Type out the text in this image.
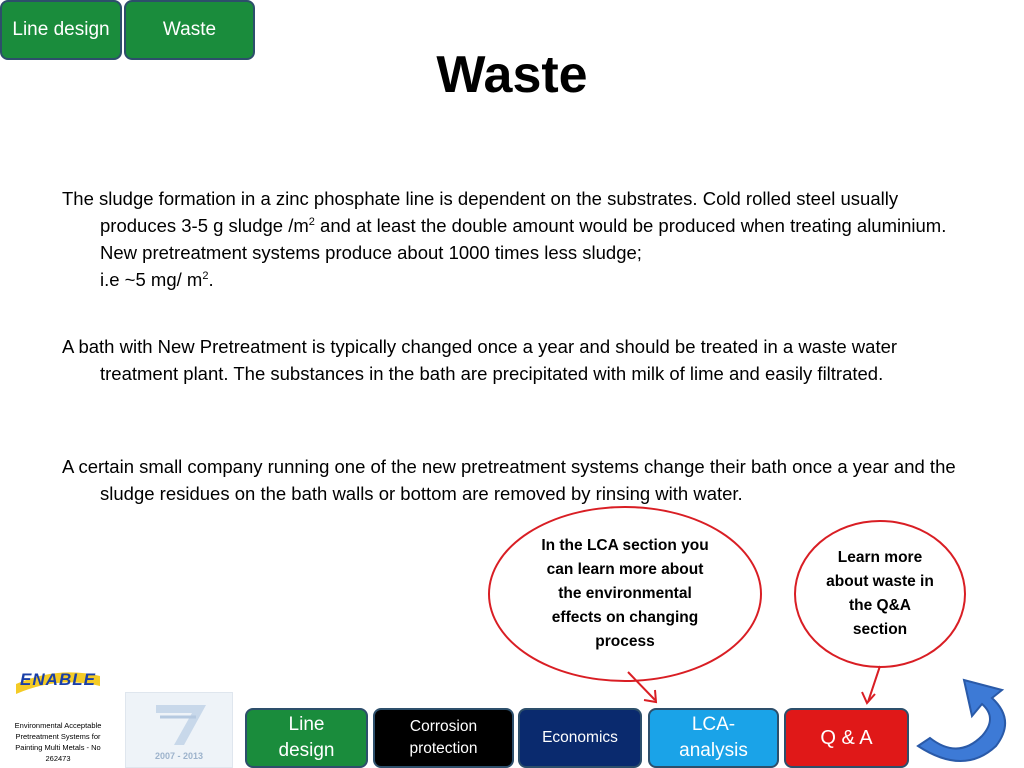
Line design	Waste
Waste
The sludge formation in a zinc phosphate line is dependent on the substrates. Cold rolled steel usually produces 3-5 g sludge $/m^2$ and at least the double amount would be produced when treating aluminium. New pretreatment systems produce about 1000 times less sludge;
i.e ~5 mg/ $m^2$.
A bath with New Pretreatment is typically changed once a year and should be treated in a waste water treatment plant. The substances in the bath are precipitated with milk of lime and easily filtrated.
A certain small company running one of the new pretreatment systems change their bath once a year and the sludge residues on the bath walls or bottom are removed by rinsing with water.
In the LCA section you can learn more about the environmental effects on changing process
Learn more about waste in the Q&A section
ENABLE
Environmental Acceptable Pretreatment Systems for Painting Multi Metals - No 262473	2007 - 2013
Line design
Corrosion protection
Economics
LCA-analysis
Q & A
